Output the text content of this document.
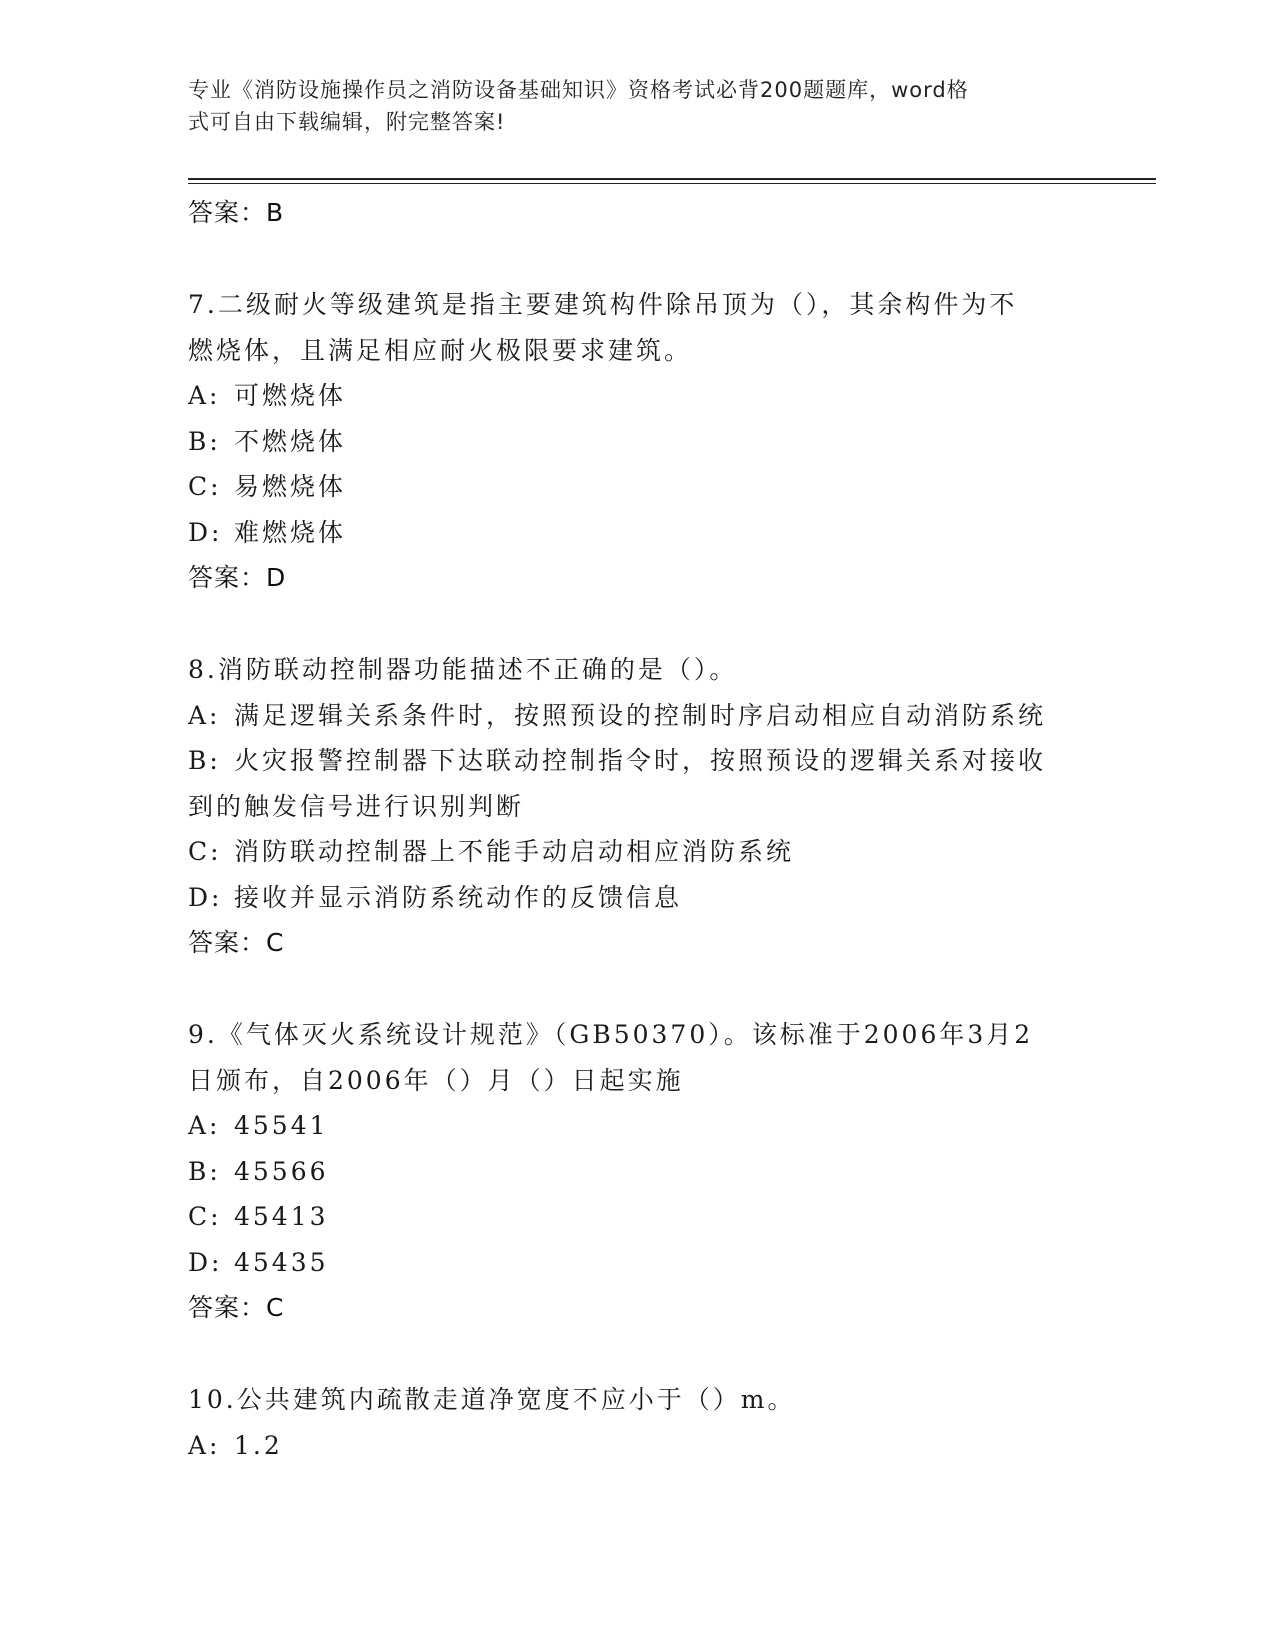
专业《消防设施操作员之消防设备基础知识》资格考试必背200题题库，word格
式可自由下载编辑，附完整答案!

答案：B

7.二级耐火等级建筑是指主要建筑构件除吊顶为（），其余构件为不

燃烧体，且满足相应耐火极限要求建筑。

A: 可燃烧体

B: 不燃烧体

C: 易燃烧体

D: 难燃烧体

答案：D

8.消防联动控制器功能描述不正确的是（）。

A: 满足逻辑关系条件时，按照预设的控制时序启动相应自动消防系统

B: 火灾报警控制器下达联动控制指令时，按照预设的逻辑关系对接收

到的触发信号进行识别判断

C: 消防联动控制器上不能手动启动相应消防系统

D: 接收并显示消防系统动作的反馈信息

答案：C

9.《气体灭火系统设计规范》（GB50370）。该标准于2006年3月2

日颁布，自2006年（）月（）日起实施

A: 45541

B: 45566

C: 45413

D: 45435

答案：C

10.公共建筑内疏散走道净宽度不应小于（）m。

A: 1.2
